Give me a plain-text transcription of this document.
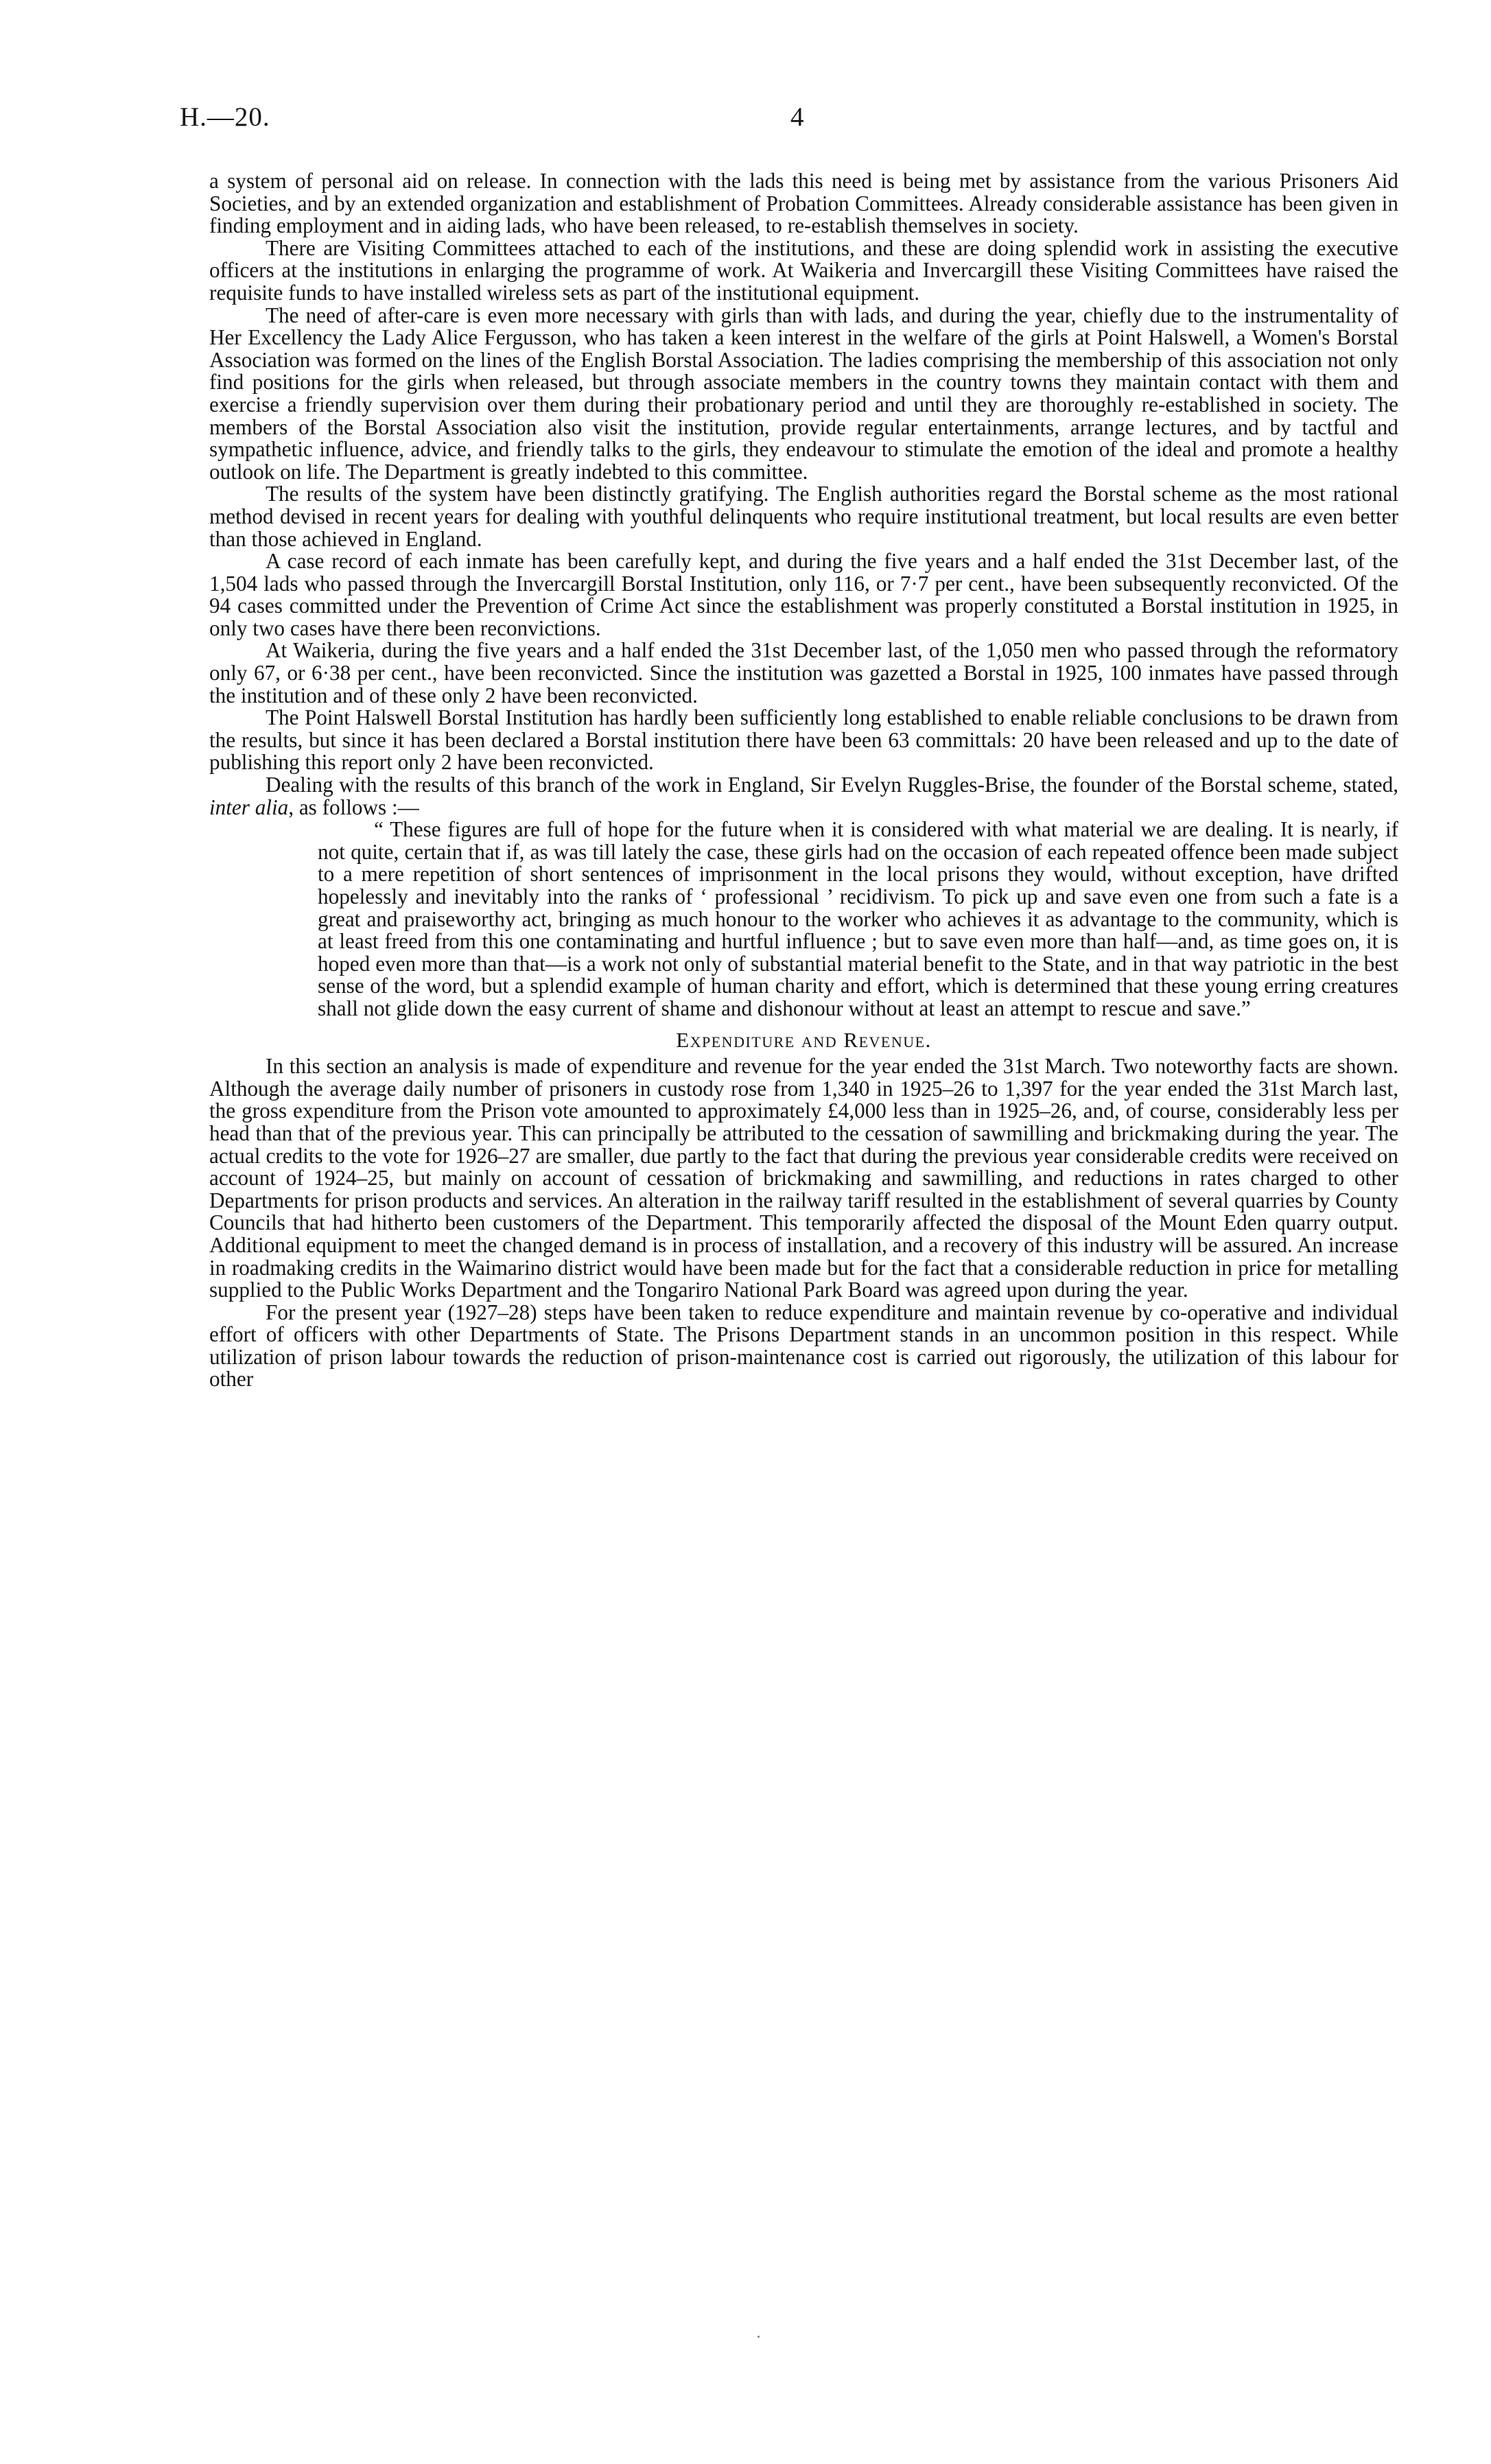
H.—20.	4

a system of personal aid on release. In connection with the lads this need is being met by assistance from the various Prisoners Aid Societies, and by an extended organization and establishment of Probation Committees. Already considerable assistance has been given in finding employment and in aiding lads, who have been released, to re-establish themselves in society.

There are Visiting Committees attached to each of the institutions, and these are doing splendid work in assisting the executive officers at the institutions in enlarging the programme of work. At Waikeria and Invercargill these Visiting Committees have raised the requisite funds to have installed wireless sets as part of the institutional equipment.

The need of after-care is even more necessary with girls than with lads, and during the year, chiefly due to the instrumentality of Her Excellency the Lady Alice Fergusson, who has taken a keen interest in the welfare of the girls at Point Halswell, a Women's Borstal Association was formed on the lines of the English Borstal Association. The ladies comprising the membership of this association not only find positions for the girls when released, but through associate members in the country towns they maintain contact with them and exercise a friendly supervision over them during their probationary period and until they are thoroughly re-established in society. The members of the Borstal Association also visit the institution, provide regular entertainments, arrange lectures, and by tactful and sympathetic influence, advice, and friendly talks to the girls, they endeavour to stimulate the emotion of the ideal and promote a healthy outlook on life. The Department is greatly indebted to this committee.

The results of the system have been distinctly gratifying. The English authorities regard the Borstal scheme as the most rational method devised in recent years for dealing with youthful delinquents who require institutional treatment, but local results are even better than those achieved in England.

A case record of each inmate has been carefully kept, and during the five years and a half ended the 31st December last, of the 1,504 lads who passed through the Invercargill Borstal Institution, only 116, or 7·7 per cent., have been subsequently reconvicted. Of the 94 cases committed under the Prevention of Crime Act since the establishment was properly constituted a Borstal institution in 1925, in only two cases have there been reconvictions.

At Waikeria, during the five years and a half ended the 31st December last, of the 1,050 men who passed through the reformatory only 67, or 6·38 per cent., have been reconvicted. Since the institution was gazetted a Borstal in 1925, 100 inmates have passed through the institution and of these only 2 have been reconvicted.

The Point Halswell Borstal Institution has hardly been sufficiently long established to enable reliable conclusions to be drawn from the results, but since it has been declared a Borstal institution there have been 63 committals: 20 have been released and up to the date of publishing this report only 2 have been reconvicted.

Dealing with the results of this branch of the work in England, Sir Evelyn Ruggles-Brise, the founder of the Borstal scheme, stated, inter alia, as follows :—

“ These figures are full of hope for the future when it is considered with what material we are dealing. It is nearly, if not quite, certain that if, as was till lately the case, these girls had on the occasion of each repeated offence been made subject to a mere repetition of short sentences of imprisonment in the local prisons they would, without exception, have drifted hopelessly and inevitably into the ranks of ‘ professional ’ recidivism. To pick up and save even one from such a fate is a great and praiseworthy act, bringing as much honour to the worker who achieves it as advantage to the community, which is at least freed from this one contaminating and hurtful influence ; but to save even more than half—and, as time goes on, it is hoped even more than that—is a work not only of substantial material benefit to the State, and in that way patriotic in the best sense of the word, but a splendid example of human charity and effort, which is determined that these young erring creatures shall not glide down the easy current of shame and dishonour without at least an attempt to rescue and save.”

Expenditure and Revenue.

In this section an analysis is made of expenditure and revenue for the year ended the 31st March. Two noteworthy facts are shown. Although the average daily number of prisoners in custody rose from 1,340 in 1925–26 to 1,397 for the year ended the 31st March last, the gross expenditure from the Prison vote amounted to approximately £4,000 less than in 1925–26, and, of course, considerably less per head than that of the previous year. This can principally be attributed to the cessation of sawmilling and brickmaking during the year. The actual credits to the vote for 1926–27 are smaller, due partly to the fact that during the previous year considerable credits were received on account of 1924–25, but mainly on account of cessation of brickmaking and sawmilling, and reductions in rates charged to other Departments for prison products and services. An alteration in the railway tariff resulted in the establishment of several quarries by County Councils that had hitherto been customers of the Department. This temporarily affected the disposal of the Mount Eden quarry output. Additional equipment to meet the changed demand is in process of installation, and a recovery of this industry will be assured. An increase in roadmaking credits in the Waimarino district would have been made but for the fact that a considerable reduction in price for metalling supplied to the Public Works Department and the Tongariro National Park Board was agreed upon during the year.

For the present year (1927–28) steps have been taken to reduce expenditure and maintain revenue by co-operative and individual effort of officers with other Departments of State. The Prisons Department stands in an uncommon position in this respect. While utilization of prison labour towards the reduction of prison-maintenance cost is carried out rigorously, the utilization of this labour for other
